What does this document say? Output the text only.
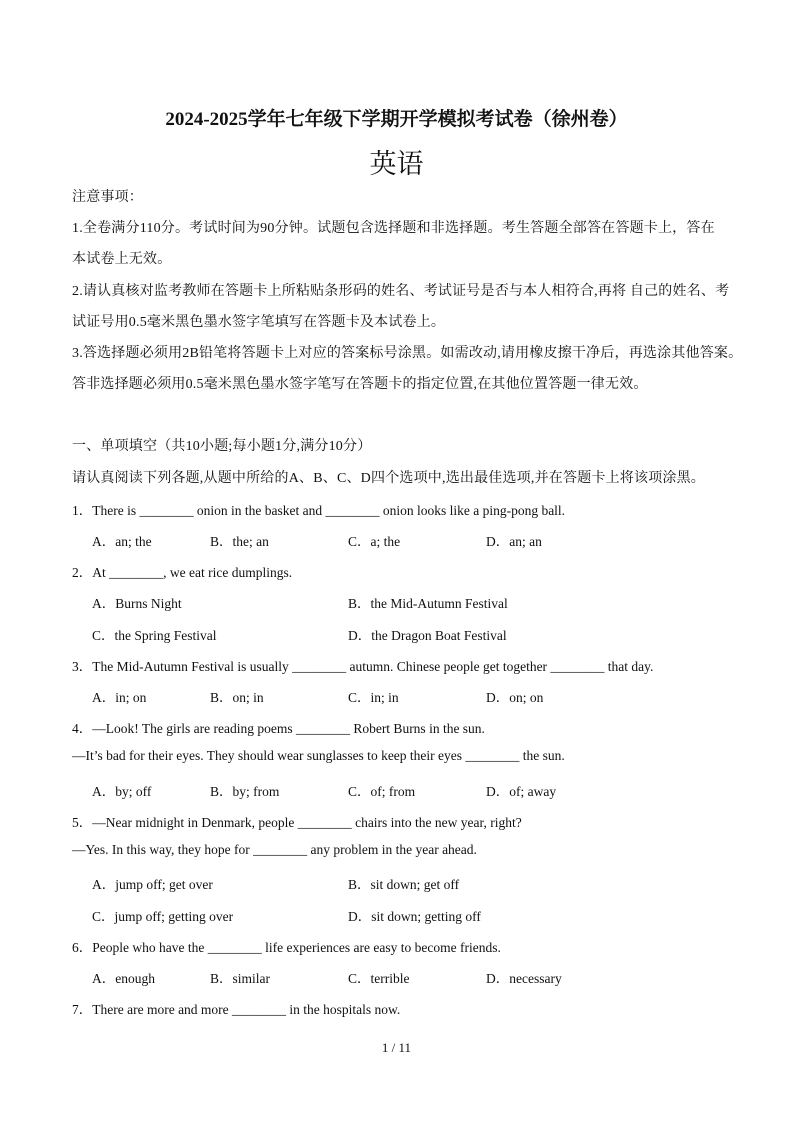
2024-2025学年七年级下学期开学模拟考试卷（徐州卷）
英语
注意事项：
1.全卷满分110分。考试时间为90分钟。试题包含选择题和非选择题。考生答题全部答在答题卡上，答在
本试卷上无效。
2.请认真核对监考教师在答题卡上所粘贴条形码的姓名、考试证号是否与本人相符合,再将 自己的姓名、考
试证号用0.5毫米黑色墨水签字笔填写在答题卡及本试卷上。
3.答选择题必须用2B铅笔将答题卡上对应的答案标号涂黑。如需改动,请用橡皮擦干净后，再选涂其他答案。
答非选择题必须用0.5毫米黑色墨水签字笔写在答题卡的指定位置,在其他位置答题一律无效。
一、单项填空（共10小题;每小题1分,满分10分）
请认真阅读下列各题,从题中所给的A、B、C、D四个选项中,选出最佳选项,并在答题卡上将该项涂黑。
1．There is ________ onion in the basket and ________ onion looks like a ping-pong ball.
A．an; the	B．the; an	C．a; the	D．an; an
2．At ________, we eat rice dumplings.
A．Burns Night	B．the Mid-Autumn Festival
C．the Spring Festival	D．the Dragon Boat Festival
3．The Mid-Autumn Festival is usually ________ autumn. Chinese people get together ________ that day.
A．in; on	B．on; in	C．in; in	D．on; on
4．—Look! The girls are reading poems ________ Robert Burns in the sun.
—It’s bad for their eyes. They should wear sunglasses to keep their eyes ________ the sun.
A．by; off	B．by; from	C．of; from	D．of; away
5．—Near midnight in Denmark, people ________ chairs into the new year, right?
—Yes. In this way, they hope for ________ any problem in the year ahead.
A．jump off; get over	B．sit down; get off
C．jump off; getting over	D．sit down; getting off
6．People who have the ________ life experiences are easy to become friends.
A．enough	B．similar	C．terrible	D．necessary
7．There are more and more ________ in the hospitals now.
1 / 11
